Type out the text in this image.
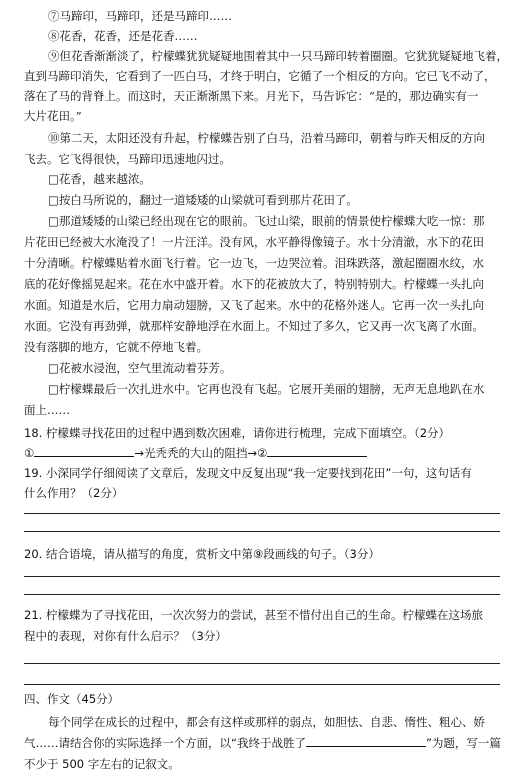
⑦马蹄印，马蹄印，还是马蹄印……
⑧花香，花香，还是花香……
⑨但花香渐渐淡了，柠檬蝶犹犹疑疑地围着其中一只马蹄印转着圈圈。它犹犹疑疑地飞着，
直到马蹄印消失，它看到了一匹白马，才终于明白，它循了一个相反的方向。它已飞不动了，
落在了马的背脊上。而这时，天正渐渐黑下来。月光下，马告诉它：“是的，那边确实有一
大片花田。”
⑩第二天，太阳还没有升起，柠檬蝶告别了白马，沿着马蹄印，朝着与昨天相反的方向
飞去。它飞得很快，马蹄印迅速地闪过。
□花香，越来越浓。
□按白马所说的，翻过一道矮矮的山梁就可看到那片花田了。
□那道矮矮的山梁已经出现在它的眼前。飞过山梁，眼前的情景使柠檬蝶大吃一惊：那
片花田已经被大水淹没了！一片汪洋。没有风，水平静得像镜子。水十分清澈，水下的花田
十分清晰。柠檬蝶贴着水面飞行着。它一边飞，一边哭泣着。泪珠跌落，激起圈圈水纹，水
底的花好像摇晃起来。花在水中盛开着。水下的花被放大了，特别特别大。柠檬蝶一头扎向
水面。知道是水后，它用力扇动翅膀，又飞了起来。水中的花格外迷人。它再一次一头扎向
水面。它没有再劲弹，就那样安静地浮在水面上。不知过了多久，它又再一次飞离了水面。
没有落脚的地方，它就不停地飞着。
□花被水浸泡，空气里流动着芬芳。
□柠檬蝶最后一次扎进水中。它再也没有飞起。它展开美丽的翅膀，无声无息地趴在水
面上……
18. 柠檬蝶寻找花田的过程中遇到数次困难，请你进行梳理，完成下面填空。（2分）
①	→光秃秃的大山的阻挡→②
19. 小深同学仔细阅读了文章后，发现文中反复出现“我一定要找到花田”一句，这句话有
什么作用？（2分）
20. 结合语境，请从描写的角度，赏析文中第⑨段画线的句子。（3分）
21. 柠檬蝶为了寻找花田，一次次努力的尝试，甚至不惜付出自己的生命。柠檬蝶在这场旅
程中的表现，对你有什么启示？（3分）
四、作文（45分）
每个同学在成长的过程中，都会有这样或那样的弱点，如胆怯、自悲、惰性、粗心、娇
气……请结合你的实际选择一个方面，以“我终于战胜了	”为题，写一篇
不少于 500 字左右的记叙文。
